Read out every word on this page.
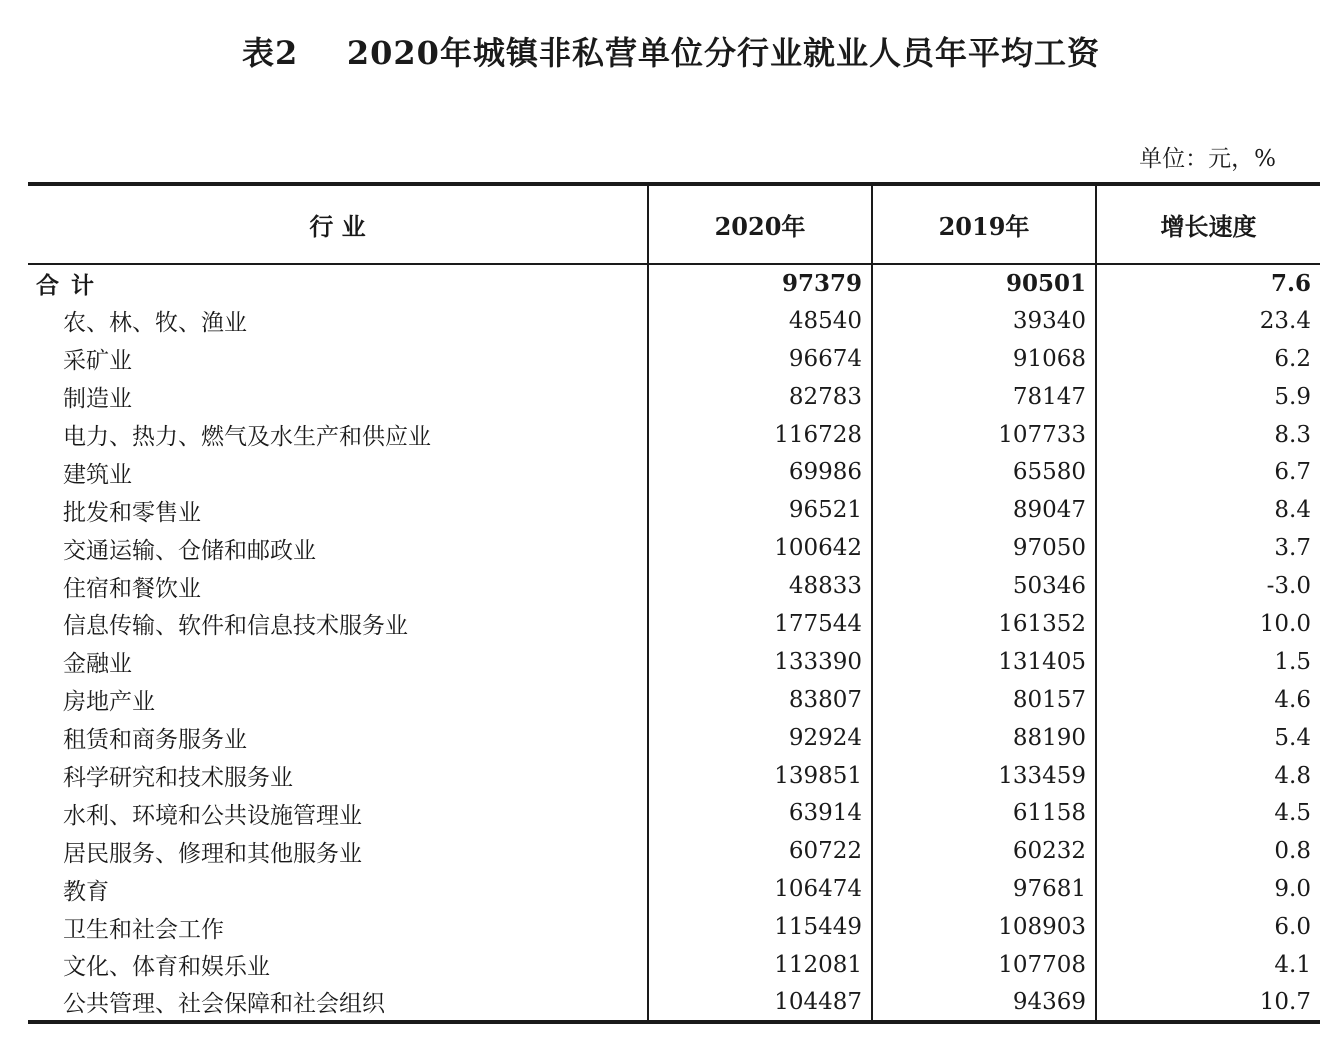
表2    2020年城镇非私营单位分行业就业人员年平均工资
单位：元，%
行 业	2020年	2019年	增长速度
合 计	97379	90501	7.6
农、林、牧、渔业	48540	39340	23.4
采矿业	96674	91068	6.2
制造业	82783	78147	5.9
电力、热力、燃气及水生产和供应业	116728	107733	8.3
建筑业	69986	65580	6.7
批发和零售业	96521	89047	8.4
交通运输、仓储和邮政业	100642	97050	3.7
住宿和餐饮业	48833	50346	-3.0
信息传输、软件和信息技术服务业	177544	161352	10.0
金融业	133390	131405	1.5
房地产业	83807	80157	4.6
租赁和商务服务业	92924	88190	5.4
科学研究和技术服务业	139851	133459	4.8
水利、环境和公共设施管理业	63914	61158	4.5
居民服务、修理和其他服务业	60722	60232	0.8
教育	106474	97681	9.0
卫生和社会工作	115449	108903	6.0
文化、体育和娱乐业	112081	107708	4.1
公共管理、社会保障和社会组织	104487	94369	10.7
